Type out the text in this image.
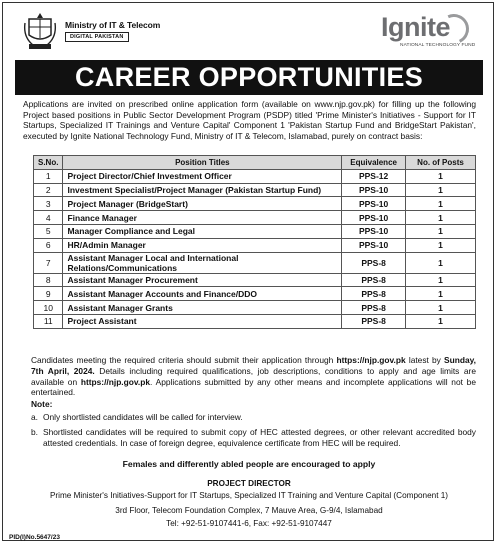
Ministry of IT & Telecom
DIGITAL PAKISTAN	Ignite
NATIONAL TECHNOLOGY FUND
CAREER OPPORTUNITIES

Applications are invited on prescribed online application form (available on www.njp.gov.pk) for filling up the following Project based positions in Public Sector Development Program (PSDP) titled 'Prime Minister's Initiatives - Support for IT Startups, Specialized IT Trainings and Venture Capital' Component 1 'Pakistan Startup Fund and BridgeStart Pakistan', executed by Ignite National Technology Fund, Ministry of IT & Telecom, Islamabad, purely on contract basis:

S.No.	Position Titles	Equivalence	No. of Posts
1	Project Director/Chief Investment Officer	PPS-12	1
2	Investment Specialist/Project Manager (Pakistan Startup Fund)	PPS-10	1
3	Project Manager (BridgeStart)	PPS-10	1
4	Finance Manager	PPS-10	1
5	Manager Compliance and Legal	PPS-10	1
6	HR/Admin Manager	PPS-10	1
7	Assistant Manager Local and International Relations/Communications	PPS-8	1
8	Assistant Manager Procurement	PPS-8	1
9	Assistant Manager Accounts and Finance/DDO	PPS-8	1
10	Assistant Manager Grants	PPS-8	1
11	Project Assistant	PPS-8	1

Candidates meeting the required criteria should submit their application through https://njp.gov.pk latest by Sunday, 7th April, 2024. Details including required qualifications, job descriptions, conditions to apply and age limits are available on https://njp.gov.pk. Applications submitted by any other means and incomplete applications will not be entertained.

Note:
a. Only shortlisted candidates will be called for interview.
b. Shortlisted candidates will be required to submit copy of HEC attested degrees, or other relevant accredited body attested credentials. In case of foreign degree, equivalence certificate from HEC will be required.
Females and differently abled people are encouraged to apply
PROJECT DIRECTOR
Prime Minister's Initiatives-Support for IT Startups, Specialized IT Training and Venture Capital (Component 1)
3rd Floor, Telecom Foundation Complex, 7 Mauve Area, G-9/4, Islamabad
Tel: +92-51-9107441-6, Fax: +92-51-9107447
PID(I)No.5647/23
